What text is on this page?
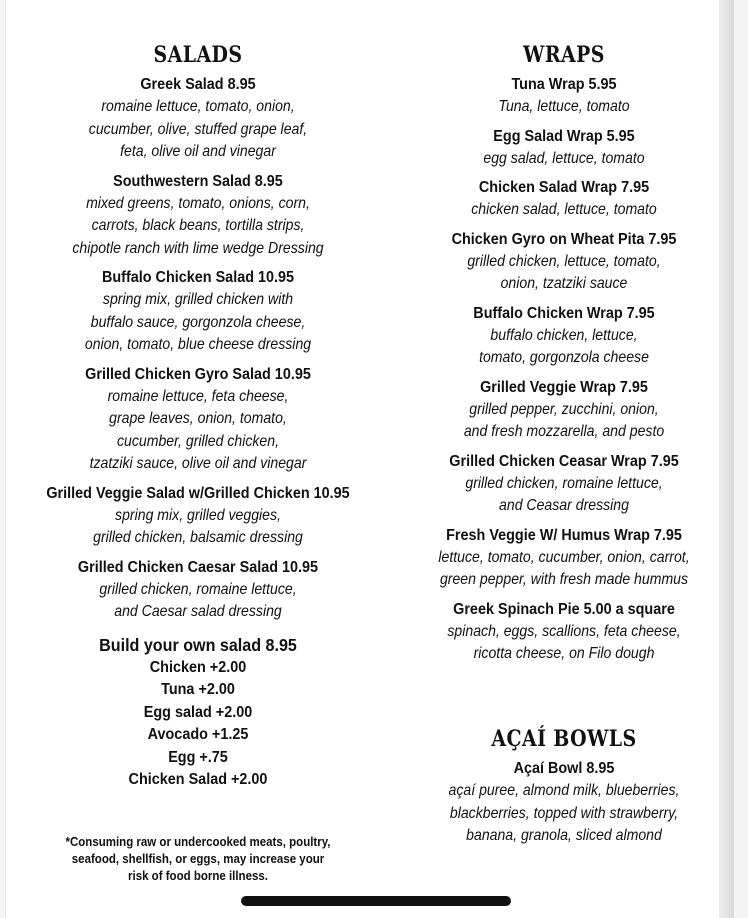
SALADS
Greek Salad 8.95
romaine lettuce, tomato, onion,
cucumber, olive, stuffed grape leaf,
feta, olive oil and vinegar
Southwestern Salad 8.95
mixed greens, tomato, onions, corn,
carrots, black beans, tortilla strips,
chipotle ranch with lime wedge Dressing
Buffalo Chicken Salad 10.95
spring mix, grilled chicken with
buffalo sauce, gorgonzola cheese,
onion, tomato, blue cheese dressing
Grilled Chicken Gyro Salad 10.95
romaine lettuce, feta cheese,
grape leaves, onion, tomato,
cucumber, grilled chicken,
tzatziki sauce, olive oil and vinegar
Grilled Veggie Salad w/Grilled Chicken 10.95
spring mix, grilled veggies,
grilled chicken, balsamic dressing
Grilled Chicken Caesar Salad 10.95
grilled chicken, romaine lettuce,
and Caesar salad dressing
Build your own salad 8.95
Chicken +2.00
Tuna +2.00
Egg salad +2.00
Avocado +1.25
Egg +.75
Chicken Salad +2.00
*Consuming raw or undercooked meats, poultry,
seafood, shellfish, or eggs, may increase your
risk of food borne illness.
WRAPS
Tuna Wrap 5.95
Tuna, lettuce, tomato
Egg Salad Wrap 5.95
egg salad, lettuce, tomato
Chicken Salad Wrap 7.95
chicken salad, lettuce, tomato
Chicken Gyro on Wheat Pita 7.95
grilled chicken, lettuce, tomato,
onion, tzatziki sauce
Buffalo Chicken Wrap 7.95
buffalo chicken, lettuce,
tomato, gorgonzola cheese
Grilled Veggie Wrap 7.95
grilled pepper, zucchini, onion,
and fresh mozzarella, and pesto
Grilled Chicken Ceasar Wrap 7.95
grilled chicken, romaine lettuce,
and Ceasar dressing
Fresh Veggie W/ Humus Wrap 7.95
lettuce, tomato, cucumber, onion, carrot,
green pepper, with fresh made hummus
Greek Spinach Pie 5.00 a square
spinach, eggs, scallions, feta cheese,
ricotta cheese, on Filo dough
AÇAÍ BOWLS
Açaí Bowl 8.95
açaí puree, almond milk, blueberries,
blackberries, topped with strawberry,
banana, granola, sliced almond
